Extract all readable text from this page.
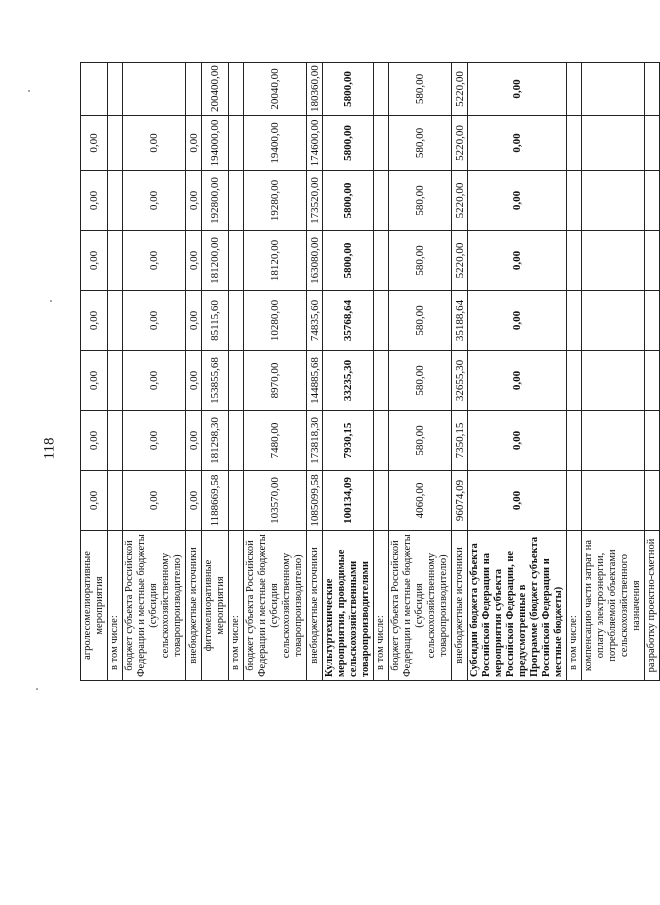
118
агролесомелиоративные мероприятия	0,00	0,00	0,00	0,00	0,00	0,00	0,00	
в том числе:								
бюджет субъекта Российской Федерации и местные бюджеты (субсидия сельскохозяйственному товаропроизводителю)	0,00	0,00	0,00	0,00	0,00	0,00	0,00	
внебюджетные источники	0,00	0,00	0,00	0,00	0,00	0,00	0,00	
фитомелиоративные мероприятия	1188669,58	181298,30	153855,68	85115,60	181200,00	192800,00	194000,00	200400,00
в том числе:								
бюджет субъекта Российской Федерации и местные бюджеты (субсидия сельскохозяйственному товаропроизводителю)	103570,00	7480,00	8970,00	10280,00	18120,00	19280,00	19400,00	20040,00
внебюджетные источники	1085099,58	173818,30	144885,68	74835,60	163080,00	173520,00	174600,00	180360,00
Культуртехнические мероприятия, проводимые сельскохозяйственными товаропроизводителями	100134,09	7930,15	33235,30	35768,64	5800,00	5800,00	5800,00	5800,00
в том числе:								
бюджет субъекта Российской Федерации и местные бюджеты (субсидия сельскохозяйственному товаропроизводителю)	4060,00	580,00	580,00	580,00	580,00	580,00	580,00	580,00
внебюджетные источники	96074,09	7350,15	32655,30	35188,64	5220,00	5220,00	5220,00	5220,00
Субсидии бюджета субъекта Российской Федерации на мероприятия субъекта Российской Федерации, не предусмотренные в Программе (бюджет субъекта Российской Федерации и местные бюджеты)	0,00	0,00	0,00	0,00	0,00	0,00	0,00	0,00
в том числе:								
компенсацию части затрат на оплату электроэнергии, потребляемой объектами сельскохозяйственного назначения								
разработку проектно-сметной								
